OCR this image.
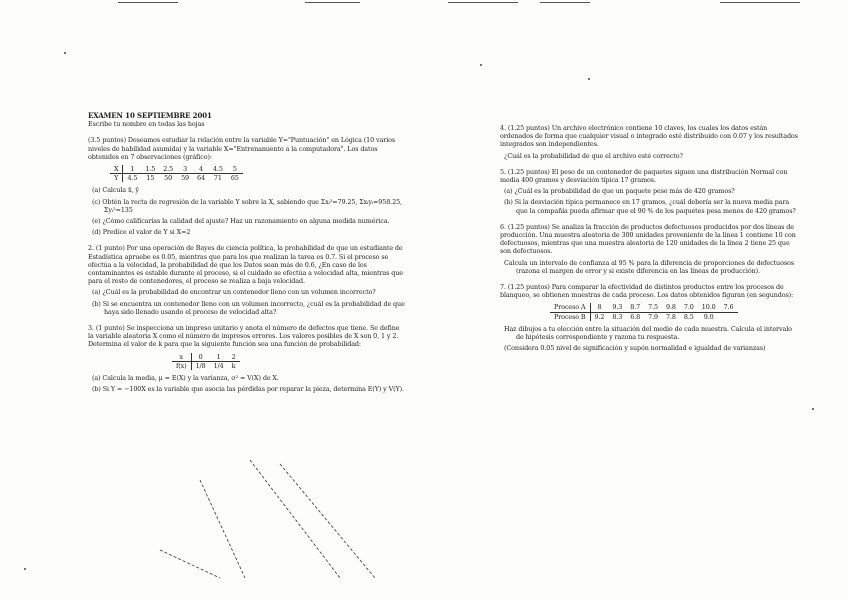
EXAMEN 10 SEPTIEMBRE 2001
Escribe tu nombre en todas las hojas
(3.5 puntos) Deseamos estudiar la relación entre la variable Y="Puntuación" en Lógica (10 varios niveles de habilidad asumida) y la variable X="Entrenamiento a la computadora". Los datos obtenidos en 7 observaciones (gráfico):
X	1	1.5	2.5	3	4	4.5	5
Y	4.5	15	50	59	64	71	65
(a) Calcula x̄, ȳ
(c) Obtén la recta de regresión de la variable Y sobre la X, sabiendo que Σxᵢ²=79.25, Σxᵢyᵢ=958.25, Σyᵢ²=135
(e) ¿Cómo calificarías la calidad del ajuste? Haz un razonamiento en alguna medida numérica.
(d) Predice el valor de Y si X=2
2. (1 punto) Por una operación de Bayes de ciencia política, la probabilidad de que un estudiante de Estadística apruebe es 0.05, mientras que para los que realizan la tarea es 0.7. Si el proceso se efectúa a la velocidad, la probabilidad de que los Datos sean más de 0.6, ¿En caso de los contaminantes es estable durante el proceso, si el cuidado se efectúa a velocidad alta, mientras que para el resto de contenedores, el proceso se realiza a baja velocidad.
(a) ¿Cuál es la probabilidad de encontrar un contenedor lleno con un volumen incorrecto?
(b) Si se encuentra un contenedor lleno con un volumen incorrecto, ¿cuál es la probabilidad de que haya sido llenado usando el proceso de velocidad alta?
3. (1 punto) Se inspecciona un impreso unitario y anota el número de defectos que tiene. Se define la variable aleatoria X como el número de impresos errores. Los valores posibles de X son 0, 1 y 2. Determina el valor de k para que la siguiente función sea una función de probabilidad:
x	0	1	2
f(x)	1/8	1/4	k
(a) Calcula la media, μ = E(X) y la varianza, σ² = V(X) de X.
(b) Si Y = −100X es la variable que asocia las pérdidas por reparar la pieza, determina E(Y) y V(Y).
4. (1.25 puntos) Un archivo electrónico contiene 10 claves, los cuales los datos están ordenados de forma que cualquier visual o integrado esté distribuido con 0.07 y los resultados integrados son independientes.
¿Cuál es la probabilidad de que el archivo esté correcto?
5. (1.25 puntos) El peso de un contenedor de paquetes siguen una distribución Normal con media 400 gramos y desviación típica 17 gramos.
(a) ¿Cuál es la probabilidad de que un paquete pese más de 420 gramos?
(b) Si la desviación típica permanece en 17 gramos, ¿cuál debería ser la nueva media para que la compañía pueda afirmar que el 90 % de los paquetes pesa menos de 420 gramos?
6. (1.25 puntos) Se analiza la fracción de productos defectuosos producidos por dos líneas de producción. Una muestra aleatoria de 300 unidades proveniente de la línea 1 contiene 10 con defectuosos, mientras que una muestra aleatoria de 120 unidades de la línea 2 tiene 25 que son defectuosos.
Calcula un intervalo de confianza al 95 % para la diferencia de proporciones de defectuosos (razona el margen de error y si existe diferencia en las líneas de producción).
7. (1.25 puntos) Para comparar la efectividad de distintos productos entre los procesos de blanqueo, se obtienen muestras de cada proceso. Los datos obtenidos figuran (en segundos):
Proceso A	8	9.3	8.7	7.5	9.8	7.0	10.0	7.6
Proceso B	9.2	8.3	6.8	7.9	7.8	8.5	9.0	
Haz dibujos a tu elección entre la situación del medio de cada muestra. Calcula el intervalo de hipótesis correspondiente y razona tu respuesta.
(Considera 0.05 nivel de significación y supón normalidad e igualdad de varianzas)
